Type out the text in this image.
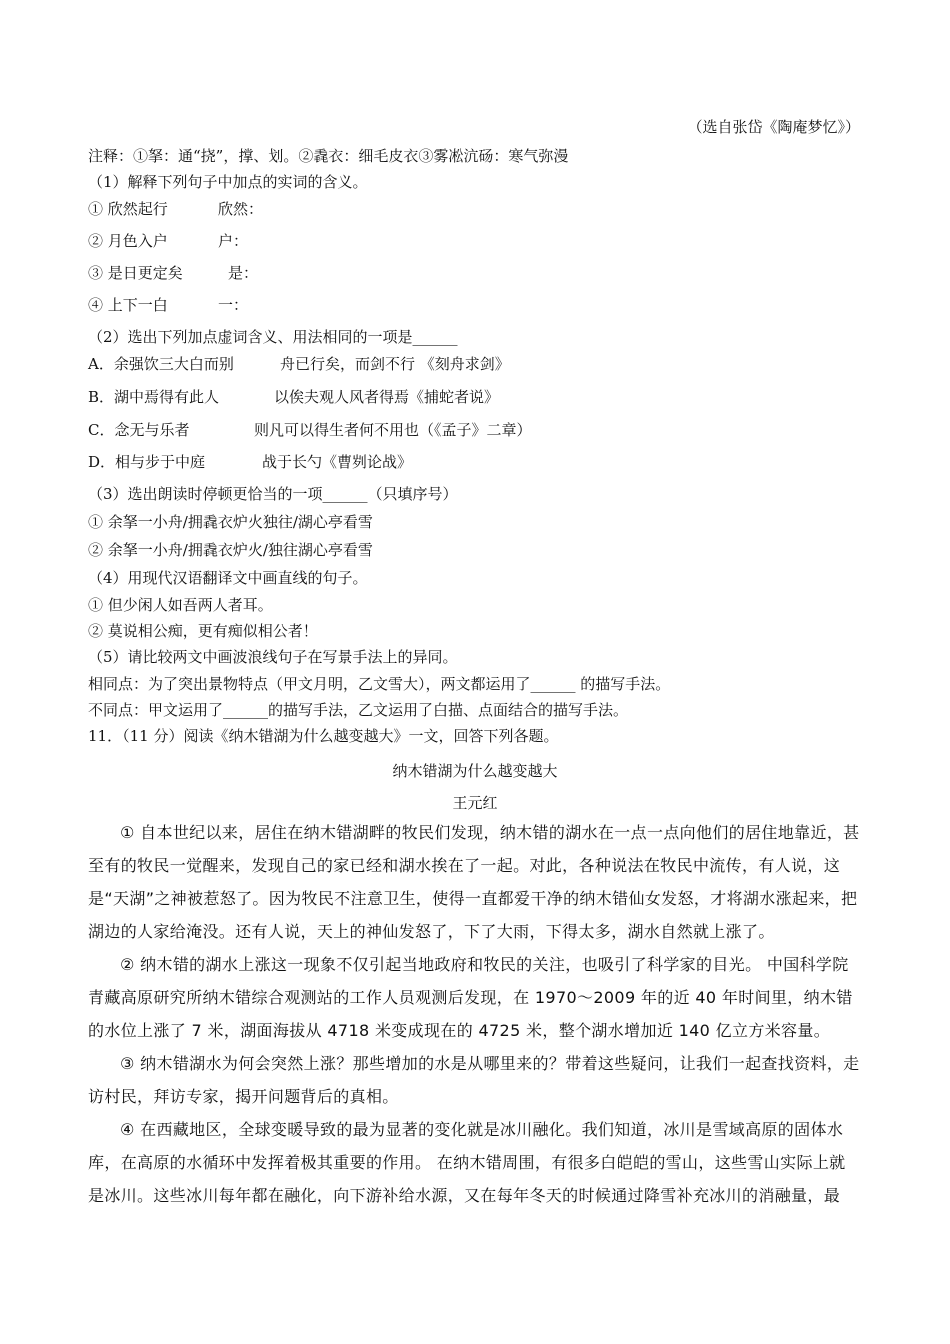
（选自张岱《陶庵梦忆》）
注释：①拏：通“挠”，撑、划。②毳衣：细毛皮衣③雾凇沆砀：寒气弥漫
（1）解释下列句子中加点的实词的含义。
① 欣然起行	欣然：
② 月色入户	户：
③ 是日更定矣	是：
④ 上下一白	一：
（2）选出下列加点虚词含义、用法相同的一项是______
A．余强饮三大白而别	舟已行矣，而剑不行 《刻舟求剑》
B．湖中焉得有此人	以俟夫观人风者得焉《捕蛇者说》
C．念无与乐者	则凡可以得生者何不用也（《孟子》二章）
D．相与步于中庭	战于长勺《曹刿论战》
（3）选出朗读时停顿更恰当的一项______（只填序号）
① 余拏一小舟/拥毳衣炉火独往/湖心亭看雪
② 余拏一小舟/拥毳衣炉火/独往湖心亭看雪
（4）用现代汉语翻译文中画直线的句子。
① 但少闲人如吾两人者耳。
② 莫说相公痴，更有痴似相公者！
（5）请比较两文中画波浪线句子在写景手法上的异同。
相同点：为了突出景物特点（甲文月明，乙文雪大），两文都运用了______ 的描写手法。
不同点：甲文运用了______的描写手法，乙文运用了白描、点面结合的描写手法。
11．（11 分）阅读《纳木错湖为什么越变越大》一文，回答下列各题。
纳木错湖为什么越变越大
王元红
① 自本世纪以来，居住在纳木错湖畔的牧民们发现，纳木错的湖水在一点一点向他们的居住地靠近，甚至有的牧民一觉醒来，发现自己的家已经和湖水挨在了一起。对此，各种说法在牧民中流传，有人说，这是“天湖”之神被惹怒了。因为牧民不注意卫生，使得一直都爱干净的纳木错仙女发怒，才将湖水涨起来，把湖边的人家给淹没。还有人说，天上的神仙发怒了，下了大雨，下得太多，湖水自然就上涨了。
② 纳木错的湖水上涨这一现象不仅引起当地政府和牧民的关注，也吸引了科学家的目光。 中国科学院青藏高原研究所纳木错综合观测站的工作人员观测后发现，在 1970～2009 年的近 40 年时间里，纳木错的水位上涨了 7 米，湖面海拔从 4718 米变成现在的 4725 米，整个湖水增加近 140 亿立方米容量。
③ 纳木错湖水为何会突然上涨？那些增加的水是从哪里来的？带着这些疑问，让我们一起查找资料，走访村民，拜访专家，揭开问题背后的真相。
④ 在西藏地区，全球变暖导致的最为显著的变化就是冰川融化。我们知道，冰川是雪域高原的固体水库，在高原的水循环中发挥着极其重要的作用。 在纳木错周围，有很多白皑皑的雪山，这些雪山实际上就是冰川。这些冰川每年都在融化，向下游补给水源，又在每年冬天的时候通过降雪补充冰川的消融量，最
